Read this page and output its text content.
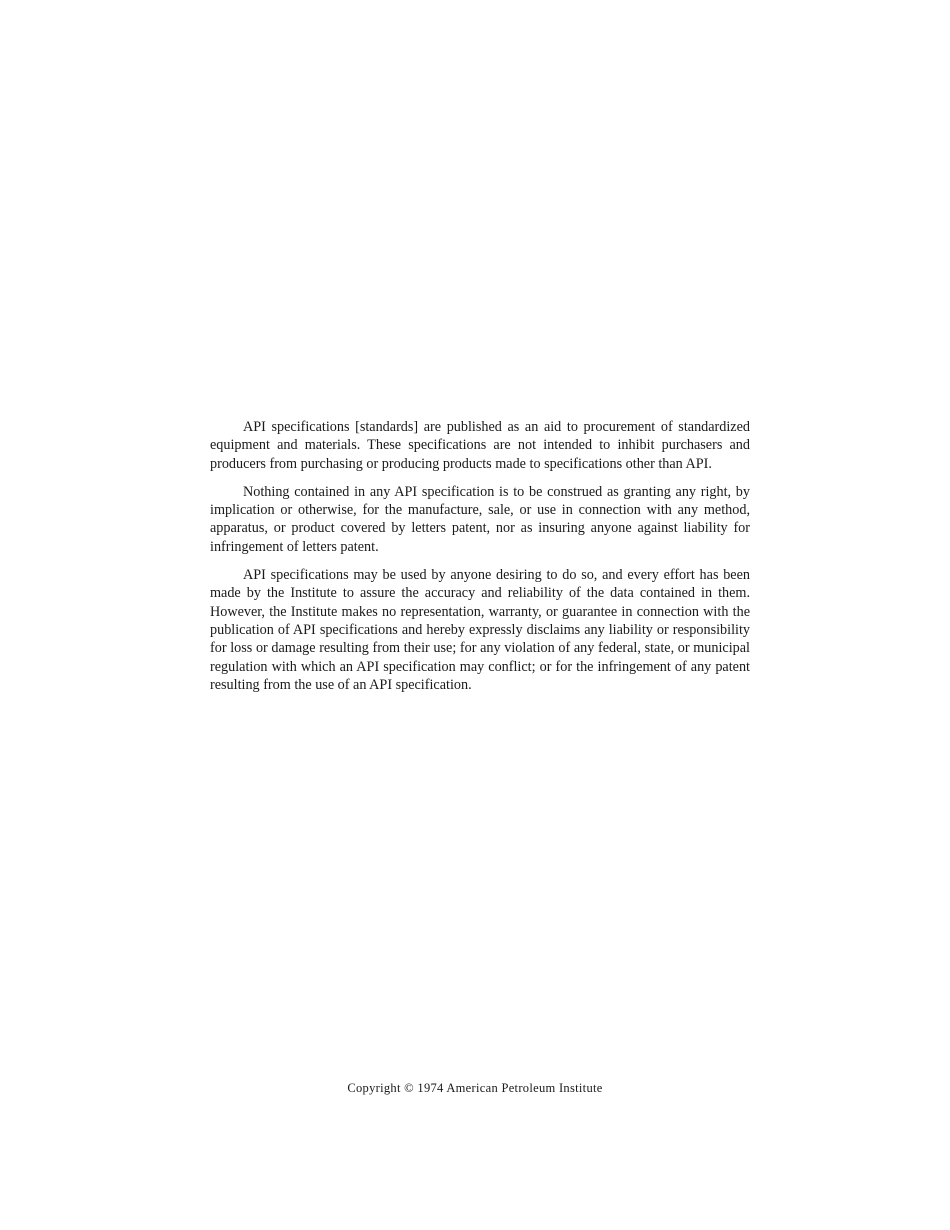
API specifications [standards] are published as an aid to procurement of standardized equipment and materials. These specifications are not intended to inhibit purchasers and producers from purchasing or producing products made to specifications other than API.

Nothing contained in any API specification is to be construed as granting any right, by implication or otherwise, for the manufacture, sale, or use in connection with any method, apparatus, or product covered by letters patent, nor as insuring anyone against liability for infringement of letters patent.

API specifications may be used by anyone desiring to do so, and every effort has been made by the Institute to assure the accuracy and reliability of the data contained in them. However, the Institute makes no representation, warranty, or guarantee in connection with the publication of API specifications and hereby expressly disclaims any liability or responsibility for loss or damage resulting from their use; for any violation of any federal, state, or municipal regulation with which an API specification may conflict; or for the infringement of any patent resulting from the use of an API specification.

Copyright © 1974 American Petroleum Institute
